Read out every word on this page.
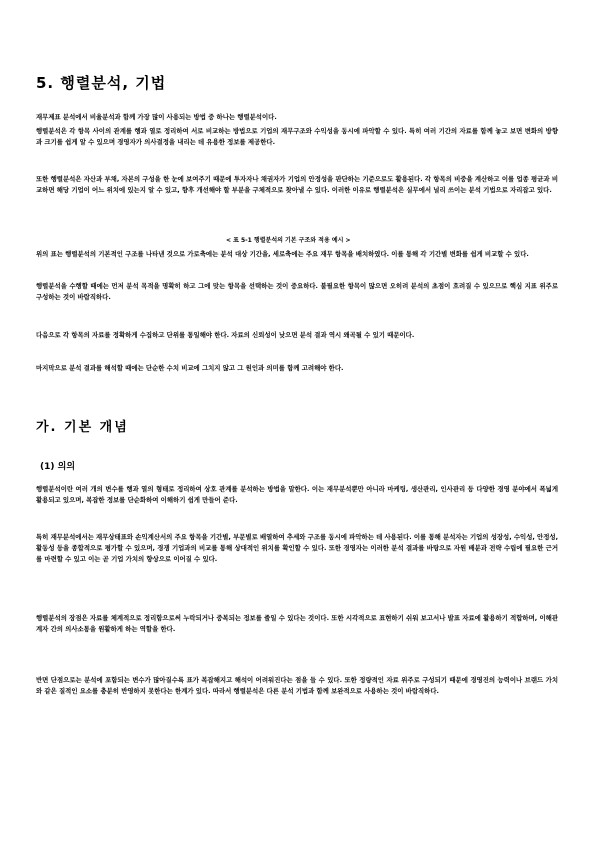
5. 행렬분석, 기법

재무제표 분석에서 비율분석과 함께 가장 많이 사용되는 방법 중 하나는 행렬분석이다.

행렬분석은 각 항목 사이의 관계를 행과 열로 정리하여 서로 비교하는 방법으로 기업의 재무구조와 수익성을 동시에 파악할 수 있다. 특히 여러 기간의 자료를 함께 놓고 보면 변화의 방향과 크기를 쉽게 알 수 있으며 경영자가 의사결정을 내리는 데 유용한 정보를 제공한다.

또한 행렬분석은 자산과 부채, 자본의 구성을 한 눈에 보여주기 때문에 투자자나 채권자가 기업의 안정성을 판단하는 기준으로도 활용된다. 각 항목의 비중을 계산하고 이를 업종 평균과 비교하면 해당 기업이 어느 위치에 있는지 알 수 있고, 향후 개선해야 할 부분을 구체적으로 찾아낼 수 있다. 이러한 이유로 행렬분석은 실무에서 널리 쓰이는 분석 기법으로 자리잡고 있다.

< 표 5-1 행렬분석의 기본 구조와 적용 예시 >

위의 표는 행렬분석의 기본적인 구조를 나타낸 것으로 가로축에는 분석 대상 기간을, 세로축에는 주요 재무 항목을 배치하였다. 이를 통해 각 기간별 변화를 쉽게 비교할 수 있다.

행렬분석을 수행할 때에는 먼저 분석 목적을 명확히 하고 그에 맞는 항목을 선택하는 것이 중요하다. 불필요한 항목이 많으면 오히려 분석의 초점이 흐려질 수 있으므로 핵심 지표 위주로 구성하는 것이 바람직하다.

다음으로 각 항목의 자료를 정확하게 수집하고 단위를 통일해야 한다. 자료의 신뢰성이 낮으면 분석 결과 역시 왜곡될 수 있기 때문이다.

마지막으로 분석 결과를 해석할 때에는 단순한 수치 비교에 그치지 않고 그 원인과 의미를 함께 고려해야 한다.

가. 기본 개념
(1) 의의

행렬분석이란 여러 개의 변수를 행과 열의 형태로 정리하여 상호 관계를 분석하는 방법을 말한다. 이는 재무분석뿐만 아니라 마케팅, 생산관리, 인사관리 등 다양한 경영 분야에서 폭넓게 활용되고 있으며, 복잡한 정보를 단순화하여 이해하기 쉽게 만들어 준다.

특히 재무분석에서는 재무상태표와 손익계산서의 주요 항목을 기간별, 부문별로 배열하여 추세와 구조를 동시에 파악하는 데 사용된다. 이를 통해 분석자는 기업의 성장성, 수익성, 안정성, 활동성 등을 종합적으로 평가할 수 있으며, 경쟁 기업과의 비교를 통해 상대적인 위치를 확인할 수 있다. 또한 경영자는 이러한 분석 결과를 바탕으로 자원 배분과 전략 수립에 필요한 근거를 마련할 수 있고 이는 곧 기업 가치의 향상으로 이어질 수 있다.

행렬분석의 장점은 자료를 체계적으로 정리함으로써 누락되거나 중복되는 정보를 줄일 수 있다는 것이다. 또한 시각적으로 표현하기 쉬워 보고서나 발표 자료에 활용하기 적합하며, 이해관계자 간의 의사소통을 원활하게 하는 역할을 한다.

반면 단점으로는 분석에 포함되는 변수가 많아질수록 표가 복잡해지고 해석이 어려워진다는 점을 들 수 있다. 또한 정량적인 자료 위주로 구성되기 때문에 경영진의 능력이나 브랜드 가치와 같은 질적인 요소를 충분히 반영하지 못한다는 한계가 있다. 따라서 행렬분석은 다른 분석 기법과 함께 보완적으로 사용하는 것이 바람직하다.
